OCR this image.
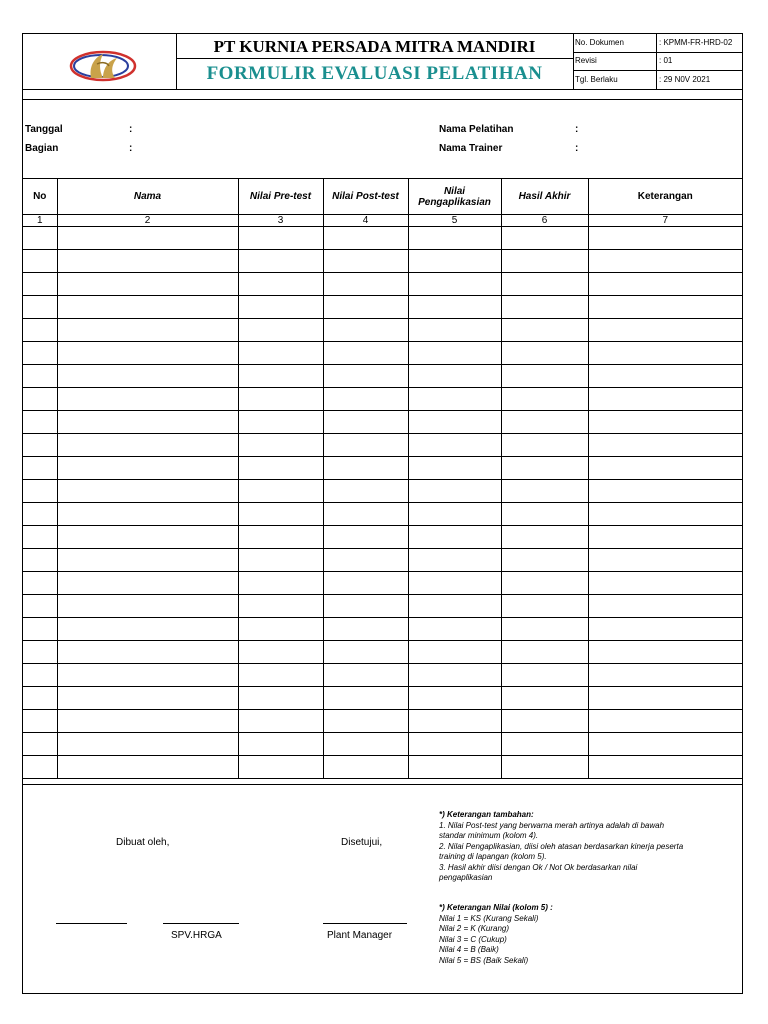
PT KURNIA PERSADA MITRA MANDIRI
FORMULIR EVALUASI PELATIHAN
No. Dokumen	: KPMM-FR-HRD-02
Revisi	: 01
Tgl. Berlaku	: 29 N0V 2021
Tanggal	:
Bagian	:
Nama Pelatihan	:
Nama Trainer	:
No	Nama	Nilai Pre-test	Nilai Post-test	Nilai Pengaplikasian	Hasil Akhir	Keterangan
1	2	3	4	5	6	7

Dibuat oleh,	Disetujui,
SPV.HRGA	Plant Manager
*) Keterangan tambahan:
1. Nilai Post-test yang berwarna merah artinya adalah di bawah
standar minimum (kolom 4).
2. Nilai Pengaplikasian, diisi oleh atasan berdasarkan kinerja peserta
training di lapangan (kolom 5).
3. Hasil akhir diisi dengan Ok / Not Ok berdasarkan nilai
pengaplikasian
*) Keterangan Nilai (kolom 5) :
Nilai 1 = KS (Kurang Sekali)
Nilai 2 = K (Kurang)
Nilai 3 = C (Cukup)
Nilai 4 = B (Baik)
Nilai 5 = BS (Baik Sekali)
